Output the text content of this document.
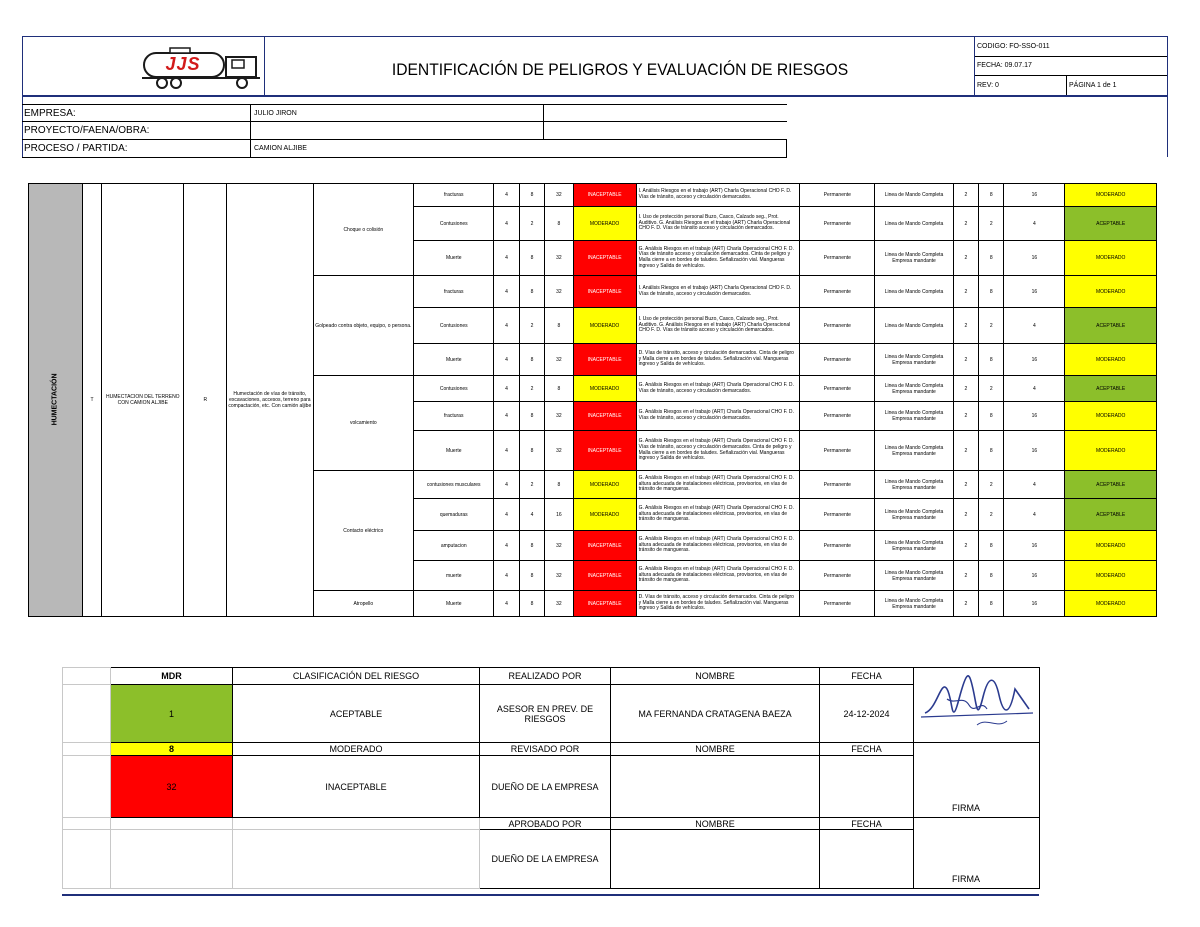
JJS	IDENTIFICACIÓN DE PELIGROS Y EVALUACIÓN DE RIESGOS
CODIGO: FO-SSO-011
FECHA: 09.07.17
REV: 0	PÁGINA 1 de 1
EMPRESA:	JULIO JIRON
PROYECTO/FAENA/OBRA:
PROCESO / PARTIDA:	CAMION ALJIBE
HUMECTACIÓN	T	HUMECTACION DEL TERRENO CON CAMION ALJIBE	R	Humectación de vías de tránsito, excavaciones, accesos, terreno para compactación, etc. Con camión aljibe	Choque o colisión	fracturas	4	8	32	INACEPTABLE	I. Análisis Riesgos en el trabajo (ART) Charla Operacional CHO F. D. Vías de tránsito, acceso y circulación demarcados.	Permanente	Linea de Mando Completa	2	8	16	MODERADO
						Contusiones	4	2	8	MODERADO	I. Uso de protección personal Buzo, Casco, Calzado seg., Prot. Auditivo. G. Análisis Riesgos en el trabajo (ART) Charla Operacional CHO F. D. Vías de tránsito acceso y circulación demarcados.	Permanente	Linea de Mando Completa	2	2	4	ACEPTABLE
						Muerte	4	8	32	INACEPTABLE	G. Análisis Riesgos en el trabajo (ART) Charla Operacional CHO F. D. Vías de tránsito acceso y circulación demarcados. Cinta de peligro y Malla cierre a en bordes de taludes. Señalización vial. Mangueras ingreso y Salida de vehículos.	Permanente	Linea de Mando Completa Empresa mandante	2	8	16	MODERADO
					Golpeado contra objeto, equipo, o persona.	fracturas	4	8	32	INACEPTABLE	I. Análisis Riesgos en el trabajo (ART) Charla Operacional CHO F. D. Vías de tránsito, acceso y circulación demarcados.	Permanente	Linea de Mando Completa	2	8	16	MODERADO
						Contusiones	4	2	8	MODERADO	I. Uso de protección personal Buzo, Casco, Calzado seg., Prot. Auditivo. G. Análisis Riesgos en el trabajo (ART) Charla Operacional CHO F. D. Vías de tránsito acceso y circulación demarcados.	Permanente	Linea de Mando Completa	2	2	4	ACEPTABLE
						Muerte	4	8	32	INACEPTABLE	D. Vías de tránsito, acceso y circulación demarcados. Cinta de peligro y Malla cierre a en bordes de taludes. Señalización vial. Mangueras ingreso y Salida de vehículos.	Permanente	Linea de Mando Completa Empresa mandante	2	8	16	MODERADO
					volcamiento	Contusiones	4	2	8	MODERADO	G. Análisis Riesgos en el trabajo (ART) Charla Operacional CHO F. D. Vías de tránsito, acceso y circulación demarcados.	Permanente	Linea de Mando Completa Empresa mandante	2	2	4	ACEPTABLE
						fracturas	4	8	32	INACEPTABLE	G. Análisis Riesgos en el trabajo (ART) Charla Operacional CHO F. D. Vías de tránsito, acceso y circulación demarcados.	Permanente	Linea de Mando Completa Empresa mandante	2	8	16	MODERADO
						Muerte	4	8	32	INACEPTABLE	G. Análisis Riesgos en el trabajo (ART) Charla Operacional CHO F. D. Vías de tránsito, acceso y circulación demarcados. Cinta de peligro y Malla cierre a en bordes de taludes. Señalización vial. Mangueras ingreso y Salida de vehículos.	Permanente	Linea de Mando Completa Empresa mandante	2	8	16	MODERADO
					Contacto eléctrico	contusiones musculares	4	2	8	MODERADO	G. Análisis Riesgos en el trabajo (ART) Charla Operacional CHO F. D. altura adecuada de instalaciones eléctricas, provisorios, en vías de tránsito de mangueras.	Permanente	Linea de Mando Completa Empresa mandante	2	2	4	ACEPTABLE
						quemaduras	4	4	16	MODERADO	G. Análisis Riesgos en el trabajo (ART) Charla Operacional CHO F. D. altura adecuada de instalaciones eléctricas, provisorios, en vías de tránsito de mangueras.	Permanente	Linea de Mando Completa Empresa mandante	2	2	4	ACEPTABLE
						amputacion	4	8	32	INACEPTABLE	G. Análisis Riesgos en el trabajo (ART) Charla Operacional CHO F. D. altura adecuada de instalaciones eléctricas, provisorios, en vías de tránsito de mangueras.	Permanente	Linea de Mando Completa Empresa mandante	2	8	16	MODERADO
						muerte	4	8	32	INACEPTABLE	G. Análisis Riesgos en el trabajo (ART) Charla Operacional CHO F. D. altura adecuada de instalaciones eléctricas, provisorios, en vías de tránsito de mangueras.	Permanente	Linea de Mando Completa Empresa mandante	2	8	16	MODERADO
					Atropello	Muerte	4	8	32	INACEPTABLE	D. Vías de tránsito, acceso y circulación demarcados. Cinta de peligro y Malla cierre a en bordes de taludes. Señalización vial. Mangueras ingreso y Salida de vehículos.	Permanente	Linea de Mando Completa Empresa mandante	2	8	16	MODERADO
	MDR	CLASIFICACIÓN DEL RIESGO	REALIZADO POR	NOMBRE	FECHA	
	1	ACEPTABLE	ASESOR EN PREV. DE RIESGOS	MA FERNANDA CRATAGENA BAEZA	24-12-2024	
	8	MODERADO	REVISADO POR	NOMBRE	FECHA	FIRMA
	32	INACEPTABLE	DUEÑO DE LA EMPRESA			
			APROBADO POR	NOMBRE	FECHA	FIRMA
			DUEÑO DE LA EMPRESA			
